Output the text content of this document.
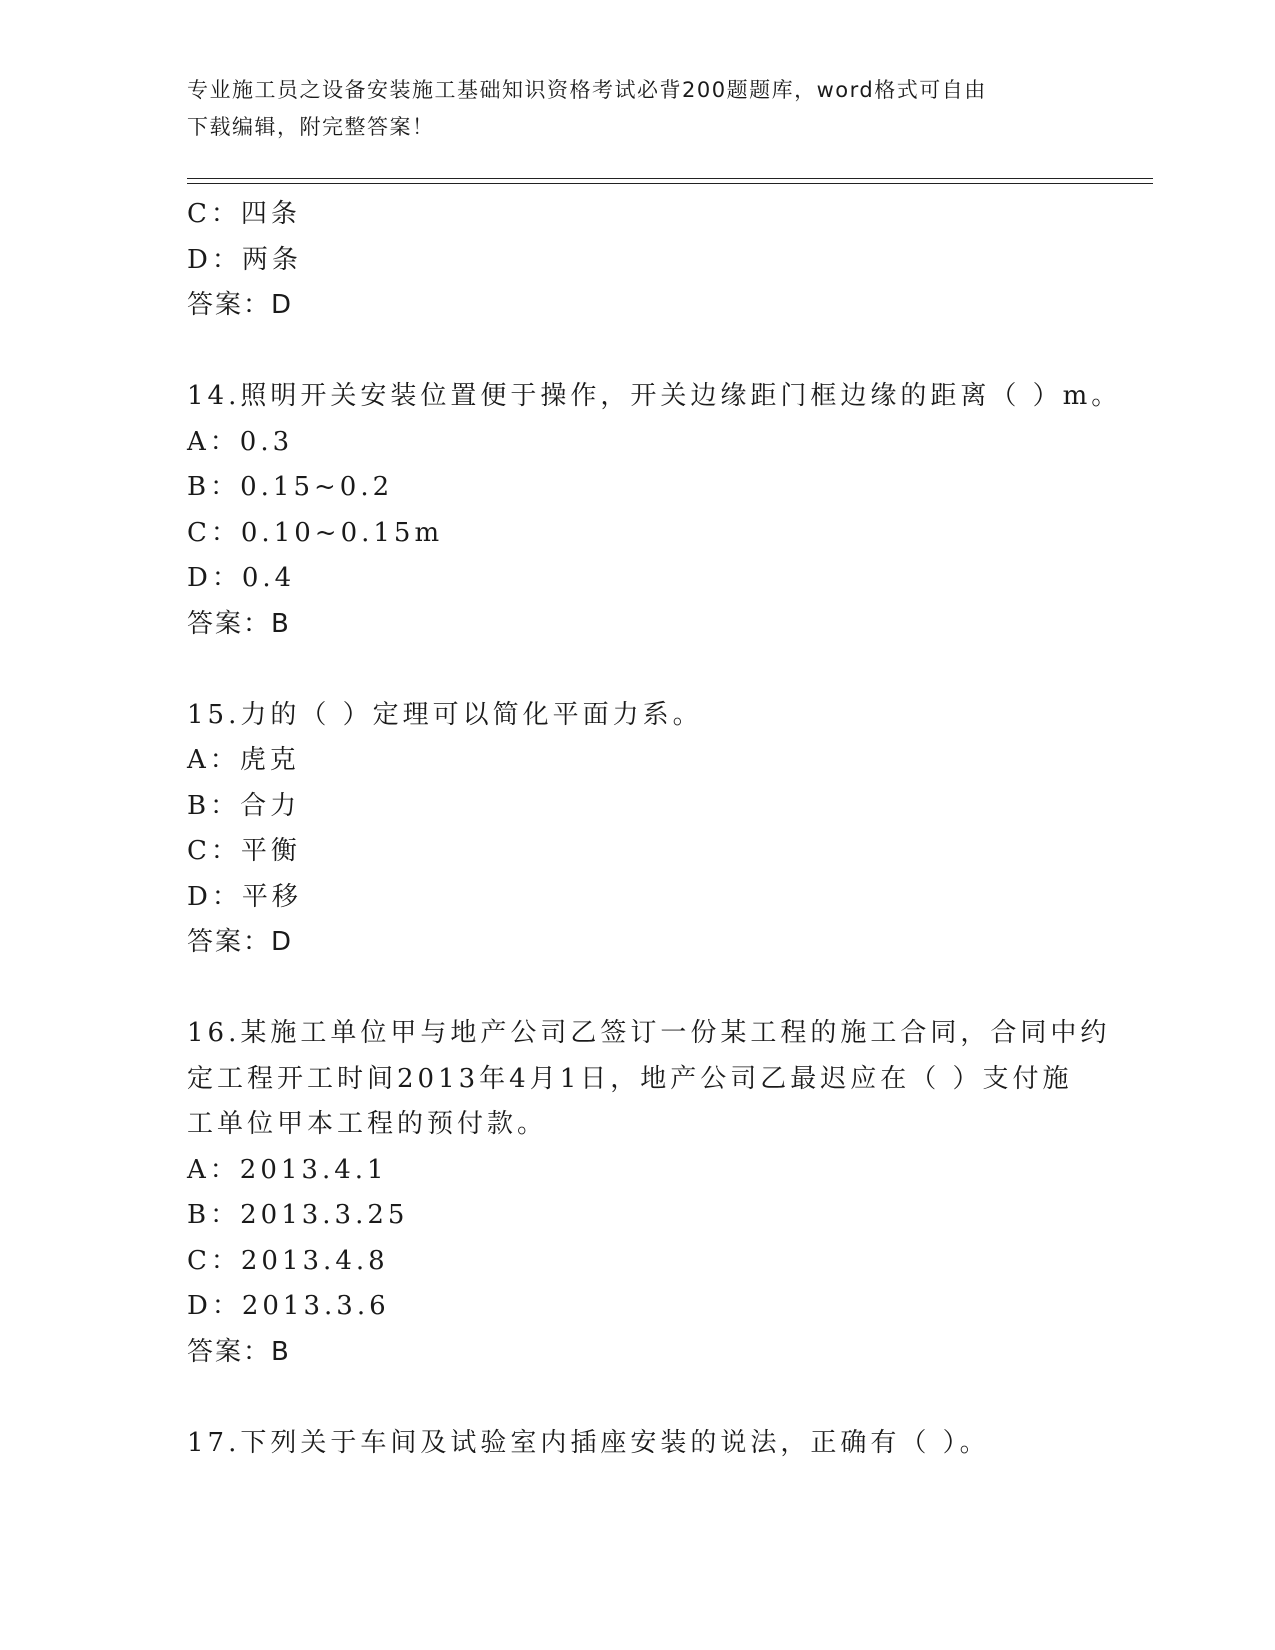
专业施工员之设备安装施工基础知识资格考试必背200题题库，word格式可自由
下载编辑，附完整答案！
C：四条
D：两条
答案：D
14.照明开关安装位置便于操作，开关边缘距门框边缘的距离（ ）m。
A：0.3
B：0.15~0.2
C：0.10~0.15m
D：0.4
答案：B
15.力的（ ）定理可以简化平面力系。
A：虎克
B：合力
C：平衡
D：平移
答案：D
16.某施工单位甲与地产公司乙签订一份某工程的施工合同，合同中约
定工程开工时间2013年4月1日，地产公司乙最迟应在（ ）支付施
工单位甲本工程的预付款。
A：2013.4.1
B：2013.3.25
C：2013.4.8
D：2013.3.6
答案：B
17.下列关于车间及试验室内插座安装的说法，正确有（ ）。
